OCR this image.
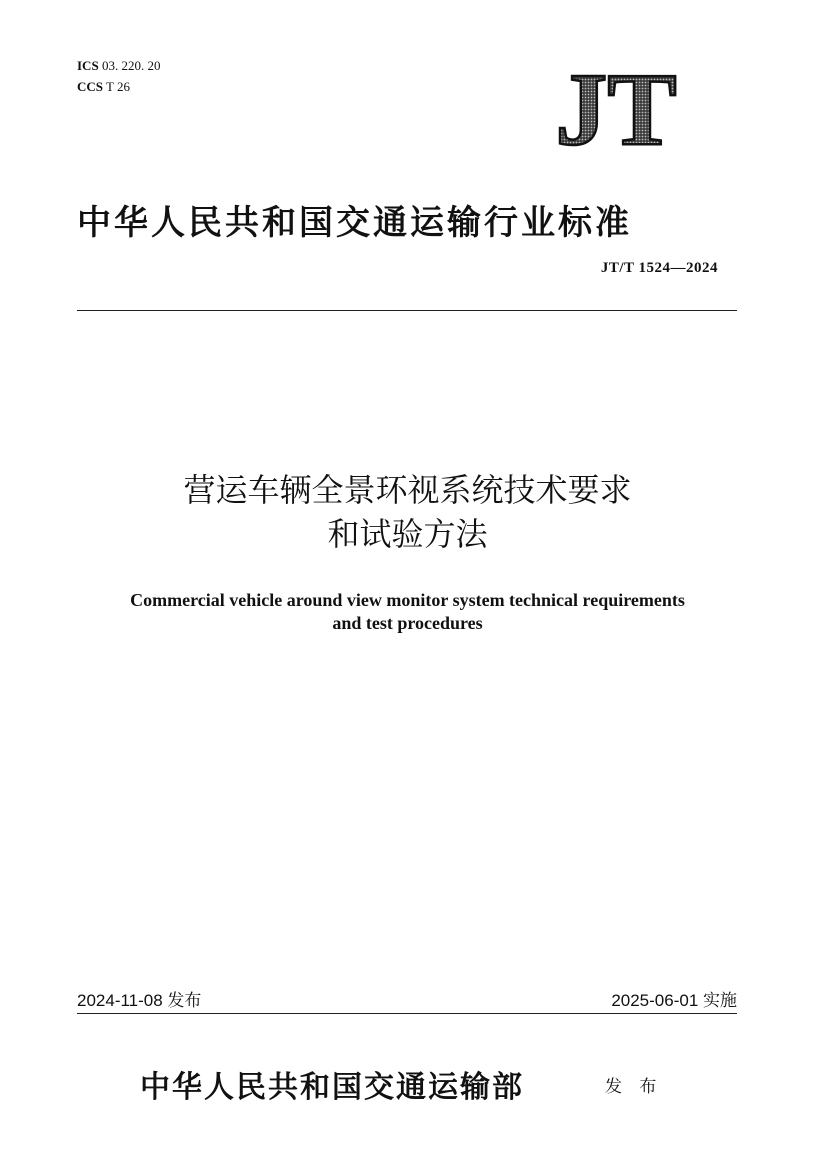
ICS 03. 220. 20
CCS T 26	JT
中华人民共和国交通运输行业标准
JT/T 1524—2024
营运车辆全景环视系统技术要求
和试验方法
Commercial vehicle around view monitor system technical requirements
and test procedures
2024-11-08 发布	2025-06-01 实施
中华人民共和国交通运输部	发 布
